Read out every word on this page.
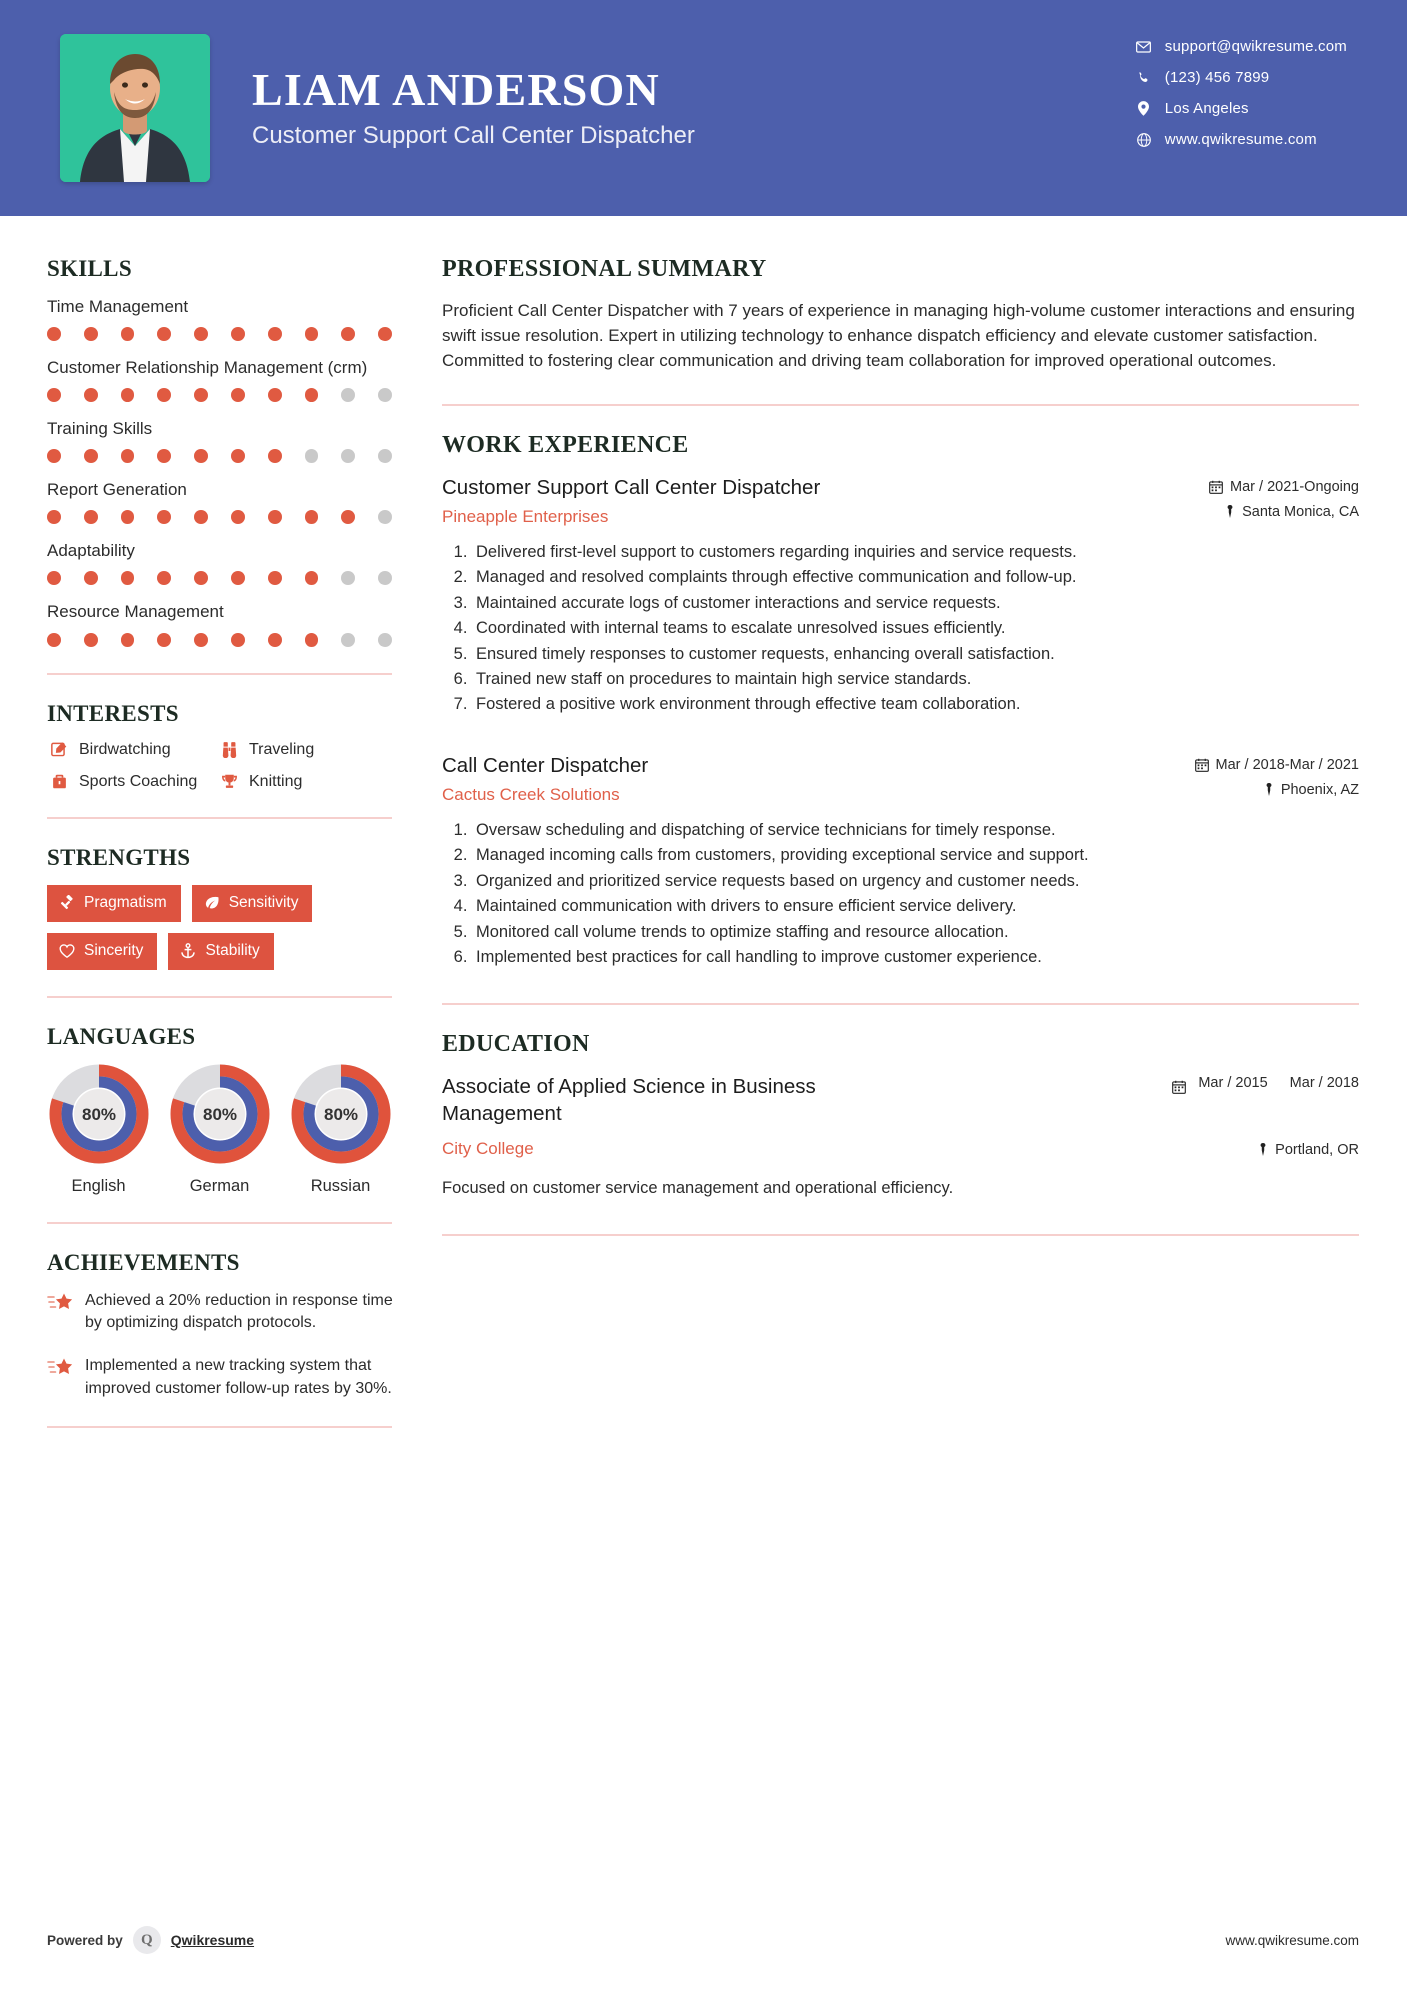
LIAM ANDERSON
Customer Support Call Center Dispatcher
support@qwikresume.com
(123) 456 7899
Los Angeles
www.qwikresume.com
SKILLS
Time Management
Customer Relationship Management (crm)
Training Skills
Report Generation
Adaptability
Resource Management
INTERESTS
Birdwatching	Traveling
Sports Coaching	Knitting
STRENGTHS
Pragmatism	Sensitivity
Sincerity	Stability
LANGUAGES
80%
English
80%
German
80%
Russian
ACHIEVEMENTS
Achieved a 20% reduction in response time by optimizing dispatch protocols.
Implemented a new tracking system that improved customer follow-up rates by 30%.
PROFESSIONAL SUMMARY
Proficient Call Center Dispatcher with 7 years of experience in managing high-volume customer interactions and ensuring swift issue resolution. Expert in utilizing technology to enhance dispatch efficiency and elevate customer satisfaction. Committed to fostering clear communication and driving team collaboration for improved operational outcomes.
WORK EXPERIENCE
Customer Support Call Center Dispatcher
Pineapple Enterprises
Mar / 2021-Ongoing
Santa Monica, CA
1. Delivered first-level support to customers regarding inquiries and service requests.
2. Managed and resolved complaints through effective communication and follow-up.
3. Maintained accurate logs of customer interactions and service requests.
4. Coordinated with internal teams to escalate unresolved issues efficiently.
5. Ensured timely responses to customer requests, enhancing overall satisfaction.
6. Trained new staff on procedures to maintain high service standards.
7. Fostered a positive work environment through effective team collaboration.
Call Center Dispatcher
Cactus Creek Solutions
Mar / 2018-Mar / 2021
Phoenix, AZ
1. Oversaw scheduling and dispatching of service technicians for timely response.
2. Managed incoming calls from customers, providing exceptional service and support.
3. Organized and prioritized service requests based on urgency and customer needs.
4. Maintained communication with drivers to ensure efficient service delivery.
5. Monitored call volume trends to optimize staffing and resource allocation.
6. Implemented best practices for call handling to improve customer experience.
EDUCATION
Associate of Applied Science in Business Management
Mar / 2015 Mar / 2018
City College	Portland, OR
Focused on customer service management and operational efficiency.
Powered by	Q	Qwikresume	www.qwikresume.com
